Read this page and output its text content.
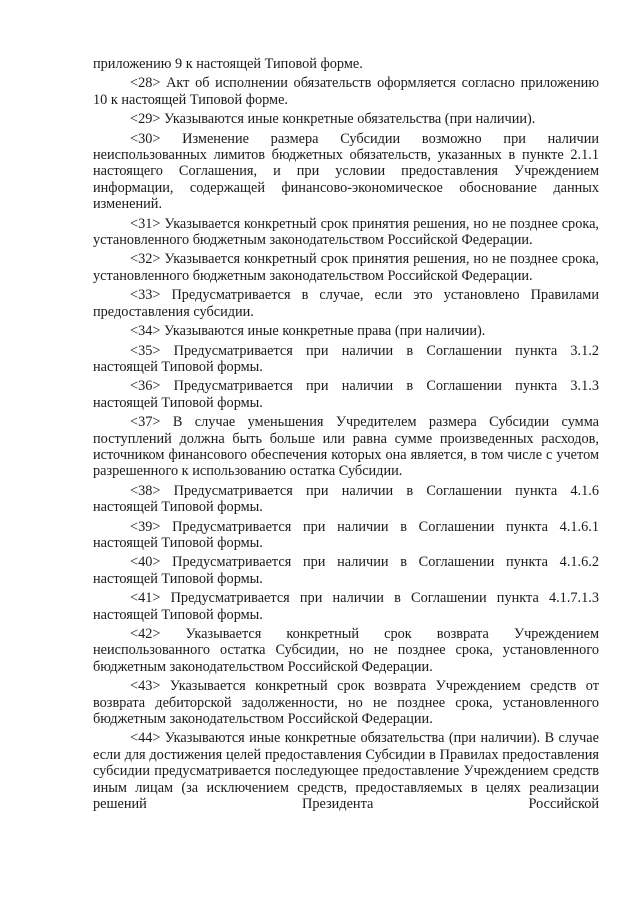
приложению 9 к настоящей Типовой форме.

<28> Акт об исполнении обязательств оформляется согласно приложению 10 к настоящей Типовой форме.

<29> Указываются иные конкретные обязательства (при наличии).

<30> Изменение размера Субсидии возможно при наличии неиспользованных лимитов бюджетных обязательств, указанных в пункте 2.1.1 настоящего Соглашения, и при условии предоставления Учреждением информации, содержащей финансово-экономическое обоснование данных изменений.

<31> Указывается конкретный срок принятия решения, но не позднее срока, установленного бюджетным законодательством Российской Федерации.

<32> Указывается конкретный срок принятия решения, но не позднее срока, установленного бюджетным законодательством Российской Федерации.

<33> Предусматривается в случае, если это установлено Правилами предоставления субсидии.

<34> Указываются иные конкретные права (при наличии).

<35> Предусматривается при наличии в Соглашении пункта 3.1.2 настоящей Типовой формы.

<36> Предусматривается при наличии в Соглашении пункта 3.1.3 настоящей Типовой формы.

<37> В случае уменьшения Учредителем размера Субсидии сумма поступлений должна быть больше или равна сумме произведенных расходов, источником финансового обеспечения которых она является, в том числе с учетом разрешенного к использованию остатка Субсидии.

<38> Предусматривается при наличии в Соглашении пункта 4.1.6 настоящей Типовой формы.

<39> Предусматривается при наличии в Соглашении пункта 4.1.6.1 настоящей Типовой формы.

<40> Предусматривается при наличии в Соглашении пункта 4.1.6.2 настоящей Типовой формы.

<41> Предусматривается при наличии в Соглашении пункта 4.1.7.1.3 настоящей Типовой формы.

<42> Указывается конкретный срок возврата Учреждением неиспользованного остатка Субсидии, но не позднее срока, установленного бюджетным законодательством Российской Федерации.

<43> Указывается конкретный срок возврата Учреждением средств от возврата дебиторской задолженности, но не позднее срока, установленного бюджетным законодательством Российской Федерации.

<44> Указываются иные конкретные обязательства (при наличии). В случае если для достижения целей предоставления Субсидии в Правилах предоставления субсидии предусматривается последующее предоставление Учреждением средств иным лицам (за исключением средств, предоставляемых в целях реализации решений Президента Российской
